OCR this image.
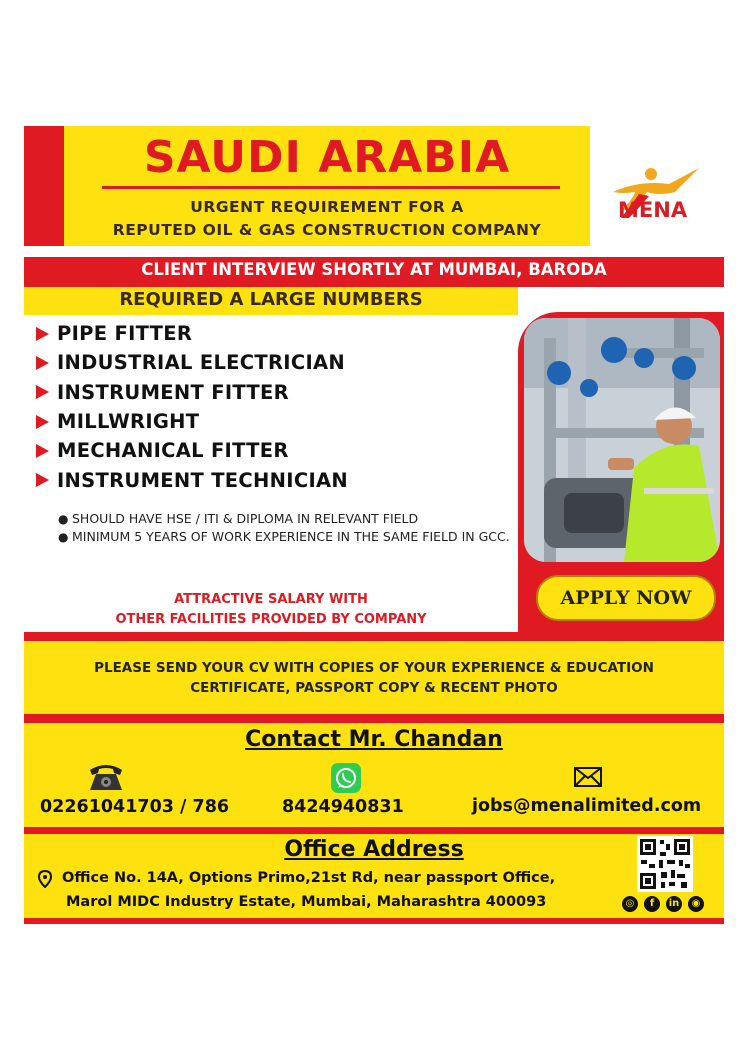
SAUDI ARABIA
URGENT REQUIREMENT FOR A
REPUTED OIL & GAS CONSTRUCTION COMPANY
MENA
CLIENT INTERVIEW SHORTLY AT MUMBAI, BARODA
REQUIRED A LARGE NUMBERS
PIPE FITTER
INDUSTRIAL ELECTRICIAN
INSTRUMENT FITTER
MILLWRIGHT
MECHANICAL FITTER
INSTRUMENT TECHNICIAN
● SHOULD HAVE HSE / ITI & DIPLOMA IN RELEVANT FIELD
● MINIMUM 5 YEARS OF WORK EXPERIENCE IN THE SAME FIELD IN GCC.
ATTRACTIVE SALARY WITH
OTHER FACILITIES PROVIDED BY COMPANY
APPLY NOW
PLEASE SEND YOUR CV WITH COPIES OF YOUR EXPERIENCE & EDUCATION
CERTIFICATE, PASSPORT COPY & RECENT PHOTO
Contact Mr. Chandan
02261041703 / 786	8424940831	jobs@menalimited.com
Office Address
Office No. 14A, Options Primo,21st Rd, near passport Office,
Marol MIDC Industry Estate, Mumbai, Maharashtra 400093	◎	f	in	◉
